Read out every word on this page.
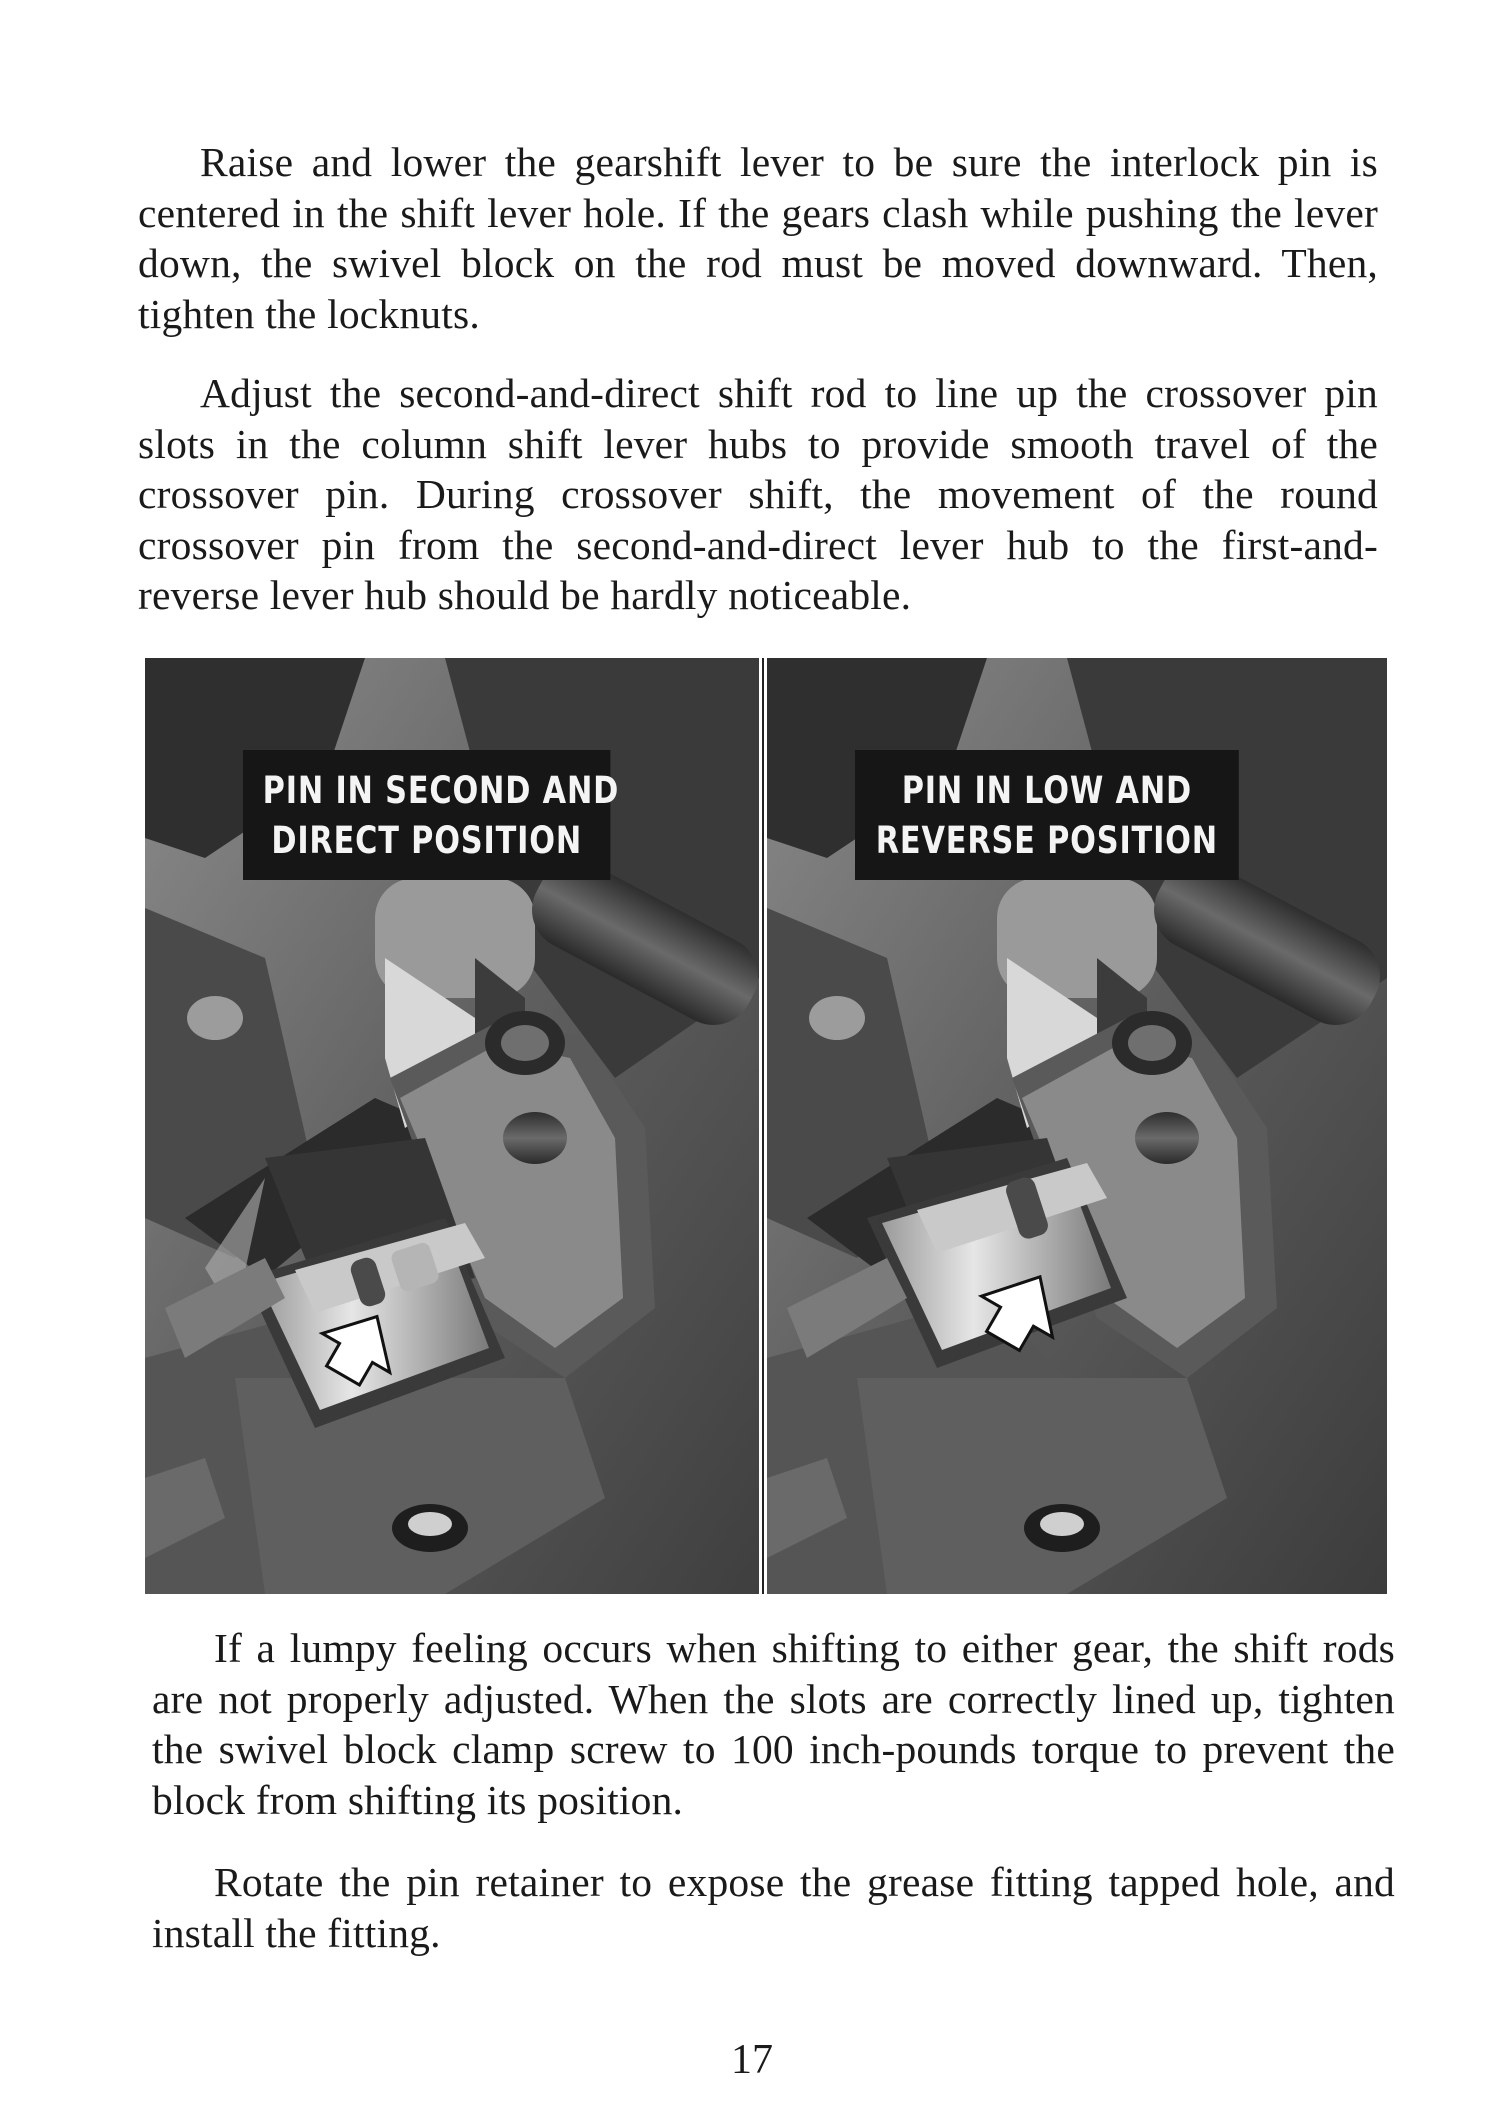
Raise and lower the gearshift lever to be sure the interlock pin is centered in the shift lever hole. If the gears clash while pushing the lever down, the swivel block on the rod must be moved downward. Then, tighten the locknuts.

Adjust the second-and-direct shift rod to line up the crossover pin slots in the column shift lever hubs to provide smooth travel of the crossover pin. During crossover shift, the movement of the round crossover pin from the second-and-direct lever hub to the first-and-reverse lever hub should be hardly noticeable.

PIN IN SECOND AND
DIRECT POSITION
PIN IN LOW AND
REVERSE POSITION

If a lumpy feeling occurs when shifting to either gear, the shift rods are not properly adjusted. When the slots are correctly lined up, tighten the swivel block clamp screw to 100 inch-pounds torque to prevent the block from shifting its position.

Rotate the pin retainer to expose the grease fitting tapped hole, and install the fitting.

17
